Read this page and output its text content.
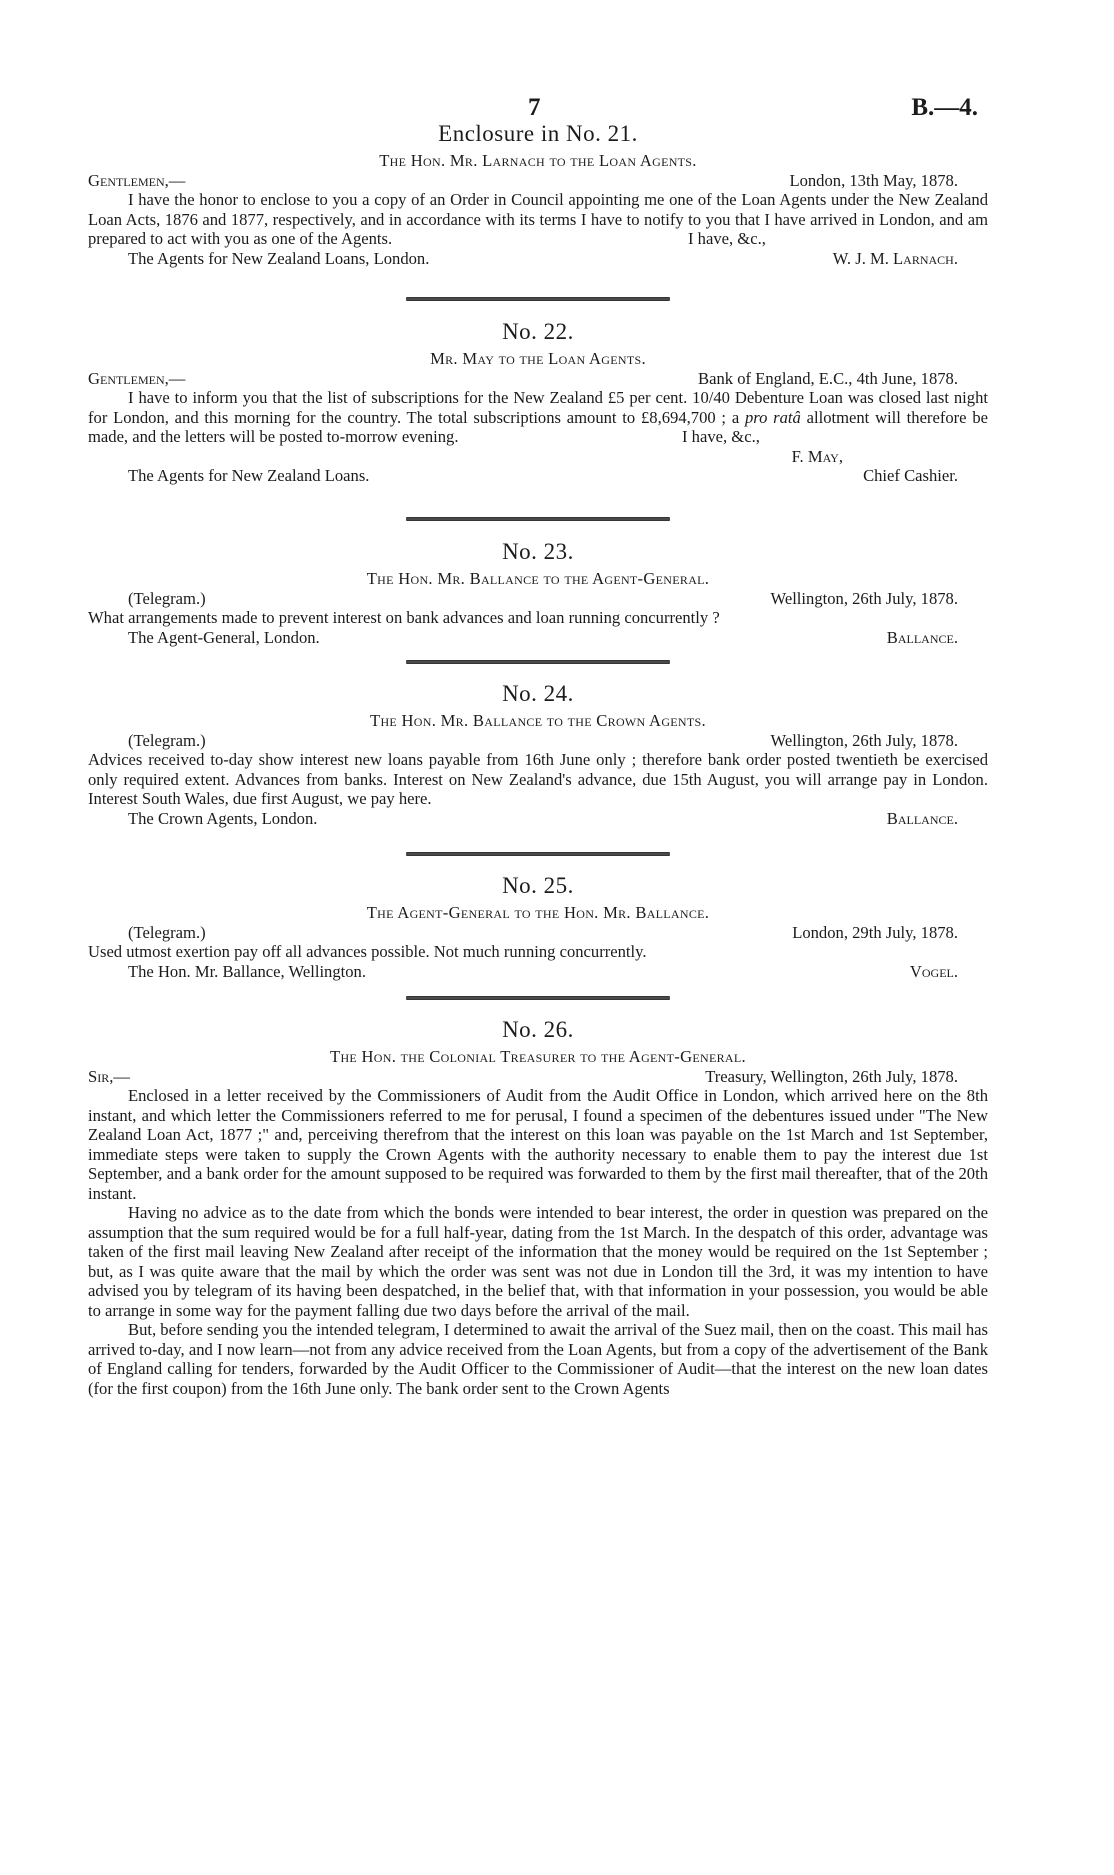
7	B.—4.
Enclosure in No. 21.
The Hon. Mr. Larnach to the Loan Agents.
Gentlemen,—	London, 13th May, 1878.

I have the honor to enclose to you a copy of an Order in Council appointing me one of the Loan Agents under the New Zealand Loan Acts, 1876 and 1877, respectively, and in accordance with its terms I have to notify to you that I have arrived in London, and am prepared to act with you as one of the Agents.	I have, &c.,
The Agents for New Zealand Loans, London.	W. J. M. Larnach.
No. 22.
Mr. May to the Loan Agents.
Gentlemen,—	Bank of England, E.C., 4th June, 1878.

I have to inform you that the list of subscriptions for the New Zealand £5 per cent. 10/40 Debenture Loan was closed last night for London, and this morning for the country. The total subscriptions amount to £8,694,700 ; a pro ratâ allotment will therefore be made, and the letters will be posted to-morrow evening.	I have, &c.,
F. May,
The Agents for New Zealand Loans.	Chief Cashier.
No. 23.
The Hon. Mr. Ballance to the Agent-General.
(Telegram.)	Wellington, 26th July, 1878.

What arrangements made to prevent interest on bank advances and loan running concurrently ?

The Agent-General, London.	Ballance.
No. 24.
The Hon. Mr. Ballance to the Crown Agents.
(Telegram.)	Wellington, 26th July, 1878.

Advices received to-day show interest new loans payable from 16th June only ; therefore bank order posted twentieth be exercised only required extent. Advances from banks. Interest on New Zealand's advance, due 15th August, you will arrange pay in London. Interest South Wales, due first August, we pay here.

The Crown Agents, London.	Ballance.
No. 25.
The Agent-General to the Hon. Mr. Ballance.
(Telegram.)	London, 29th July, 1878.

Used utmost exertion pay off all advances possible. Not much running concurrently.

The Hon. Mr. Ballance, Wellington.	Vogel.
No. 26.
The Hon. the Colonial Treasurer to the Agent-General.
Sir,—	Treasury, Wellington, 26th July, 1878.

Enclosed in a letter received by the Commissioners of Audit from the Audit Office in London, which arrived here on the 8th instant, and which letter the Commissioners referred to me for perusal, I found a specimen of the debentures issued under "The New Zealand Loan Act, 1877 ;" and, perceiving therefrom that the interest on this loan was payable on the 1st March and 1st September, immediate steps were taken to supply the Crown Agents with the authority necessary to enable them to pay the interest due 1st September, and a bank order for the amount supposed to be required was forwarded to them by the first mail thereafter, that of the 20th instant.

Having no advice as to the date from which the bonds were intended to bear interest, the order in question was prepared on the assumption that the sum required would be for a full half-year, dating from the 1st March. In the despatch of this order, advantage was taken of the first mail leaving New Zealand after receipt of the information that the money would be required on the 1st September ; but, as I was quite aware that the mail by which the order was sent was not due in London till the 3rd, it was my intention to have advised you by telegram of its having been despatched, in the belief that, with that information in your possession, you would be able to arrange in some way for the payment falling due two days before the arrival of the mail.

But, before sending you the intended telegram, I determined to await the arrival of the Suez mail, then on the coast. This mail has arrived to-day, and I now learn—not from any advice received from the Loan Agents, but from a copy of the advertisement of the Bank of England calling for tenders, forwarded by the Audit Officer to the Commissioner of Audit—that the interest on the new loan dates (for the first coupon) from the 16th June only. The bank order sent to the Crown Agents
